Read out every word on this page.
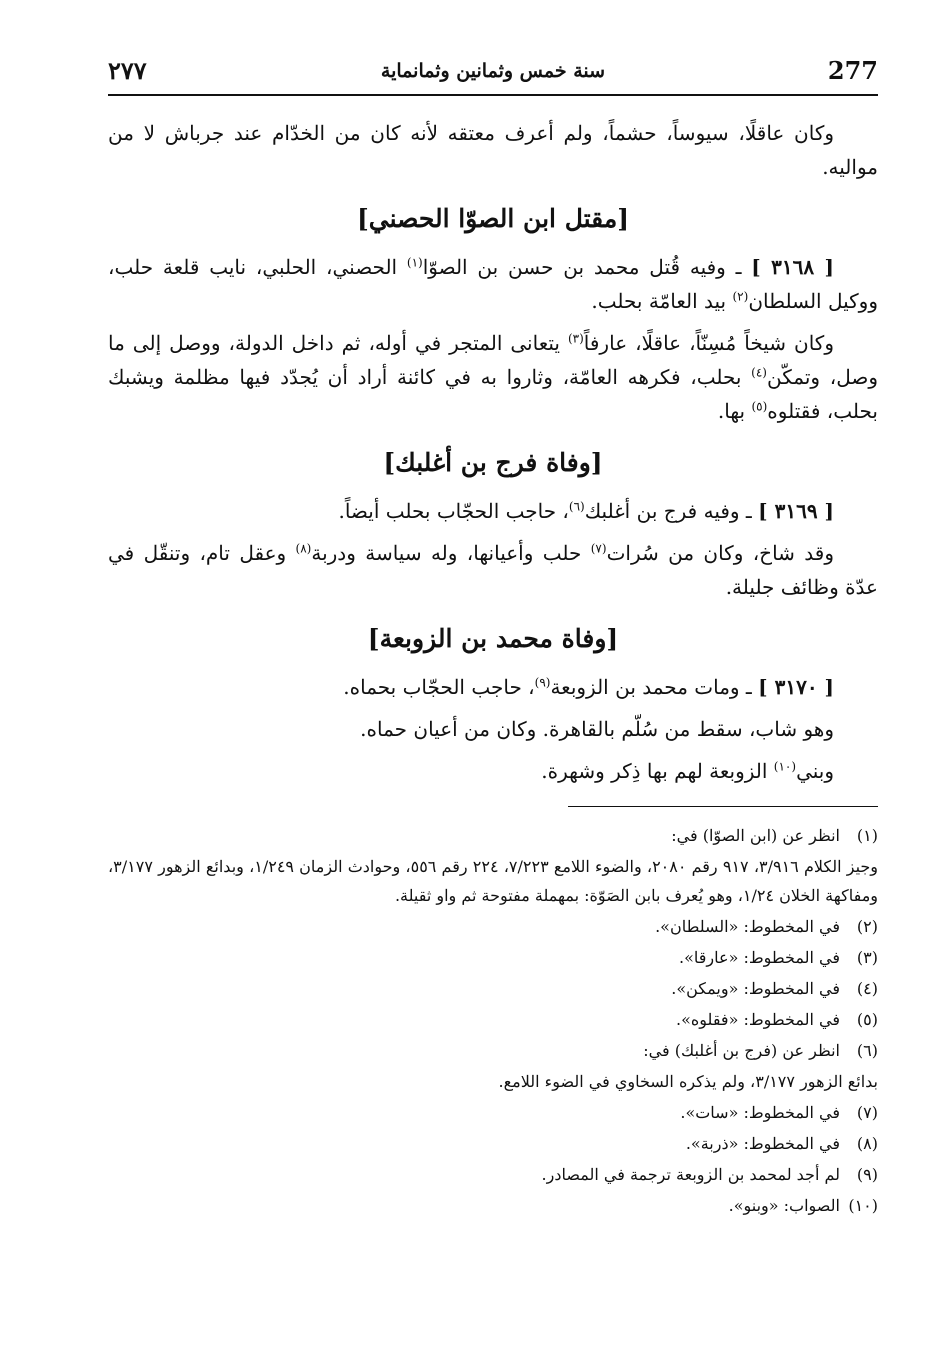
277
سنة خمس وثمانين وثمانماية
٢٧٧

وكان عاقلًا، سيوساً، حشماً، ولم أعرف معتقه لأنه كان من الخدّام عند جرباش لا من مواليه.

[مقتل ابن الصوّا الحصني]

[ ٣١٦٨ ] ـ وفيه قُتل محمد بن حسن بن الصوّا$^{(١)}$ الحصني، الحلبي، نايب قلعة حلب، ووكيل السلطان$^{(٢)}$ بيد العامّة بحلب.

وكان شيخاً مُسِنّاً، عاقلًا، عارفاً$^{(٣)}$ يتعانى المتجر في أوله، ثم داخل الدولة، ووصل إلى ما وصل، وتمكّن$^{(٤)}$ بحلب، فكرهه العامّة، وثاروا به في كائنة أراد أن يُجدّد فيها مظلمة ويشبك بحلب، فقتلوه$^{(٥)}$ بها.

[وفاة فرج بن أغلبك]

[ ٣١٦٩ ] ـ وفيه فرج بن أغلبك$^{(٦)}$، حاجب الحجّاب بحلب أيضاً.

وقد شاخ، وكان من سُرات$^{(٧)}$ حلب وأعيانها، وله سياسة ودربة$^{(٨)}$ وعقل تام، وتنقّل في عدّة وظائف جليلة.

[وفاة محمد بن الزوبعة]

[ ٣١٧٠ ] ـ ومات محمد بن الزوبعة$^{(٩)}$، حاجب الحجّاب بحماه.

وهو شاب، سقط من سُلّم بالقاهرة. وكان من أعيان حماه.

وبني$^{(١٠)}$ الزوبعة لهم بها ذِكر وشهرة.

(١)انظر عن (ابن الصوّا) في:
وجيز الكلام ٣/٩١٦، ٩١٧ رقم ٢٠٨٠، والضوء اللامع ٧/٢٢٣، ٢٢٤ رقم ٥٥٦، وحوادث الزمان ١/٢٤٩، وبدائع الزهور ٣/١٧٧، ومفاكهة الخلان ١/٢٤، وهو يُعرف بابن الصَوّة: بمهملة مفتوحة ثم واو ثقيلة.
(٢)في المخطوط: «السلطان».
(٣)في المخطوط: «عارقا».
(٤)في المخطوط: «ويمكن».
(٥)في المخطوط: «فقلوه».
(٦)انظر عن (فرج بن أغلبك) في:
بدائع الزهور ٣/١٧٧، ولم يذكره السخاوي في الضوء اللامع.
(٧)في المخطوط: «سات».
(٨)في المخطوط: «ذربة».
(٩)لم أجد لمحمد بن الزوبعة ترجمة في المصادر.
(١٠)الصواب: «وبنو».
